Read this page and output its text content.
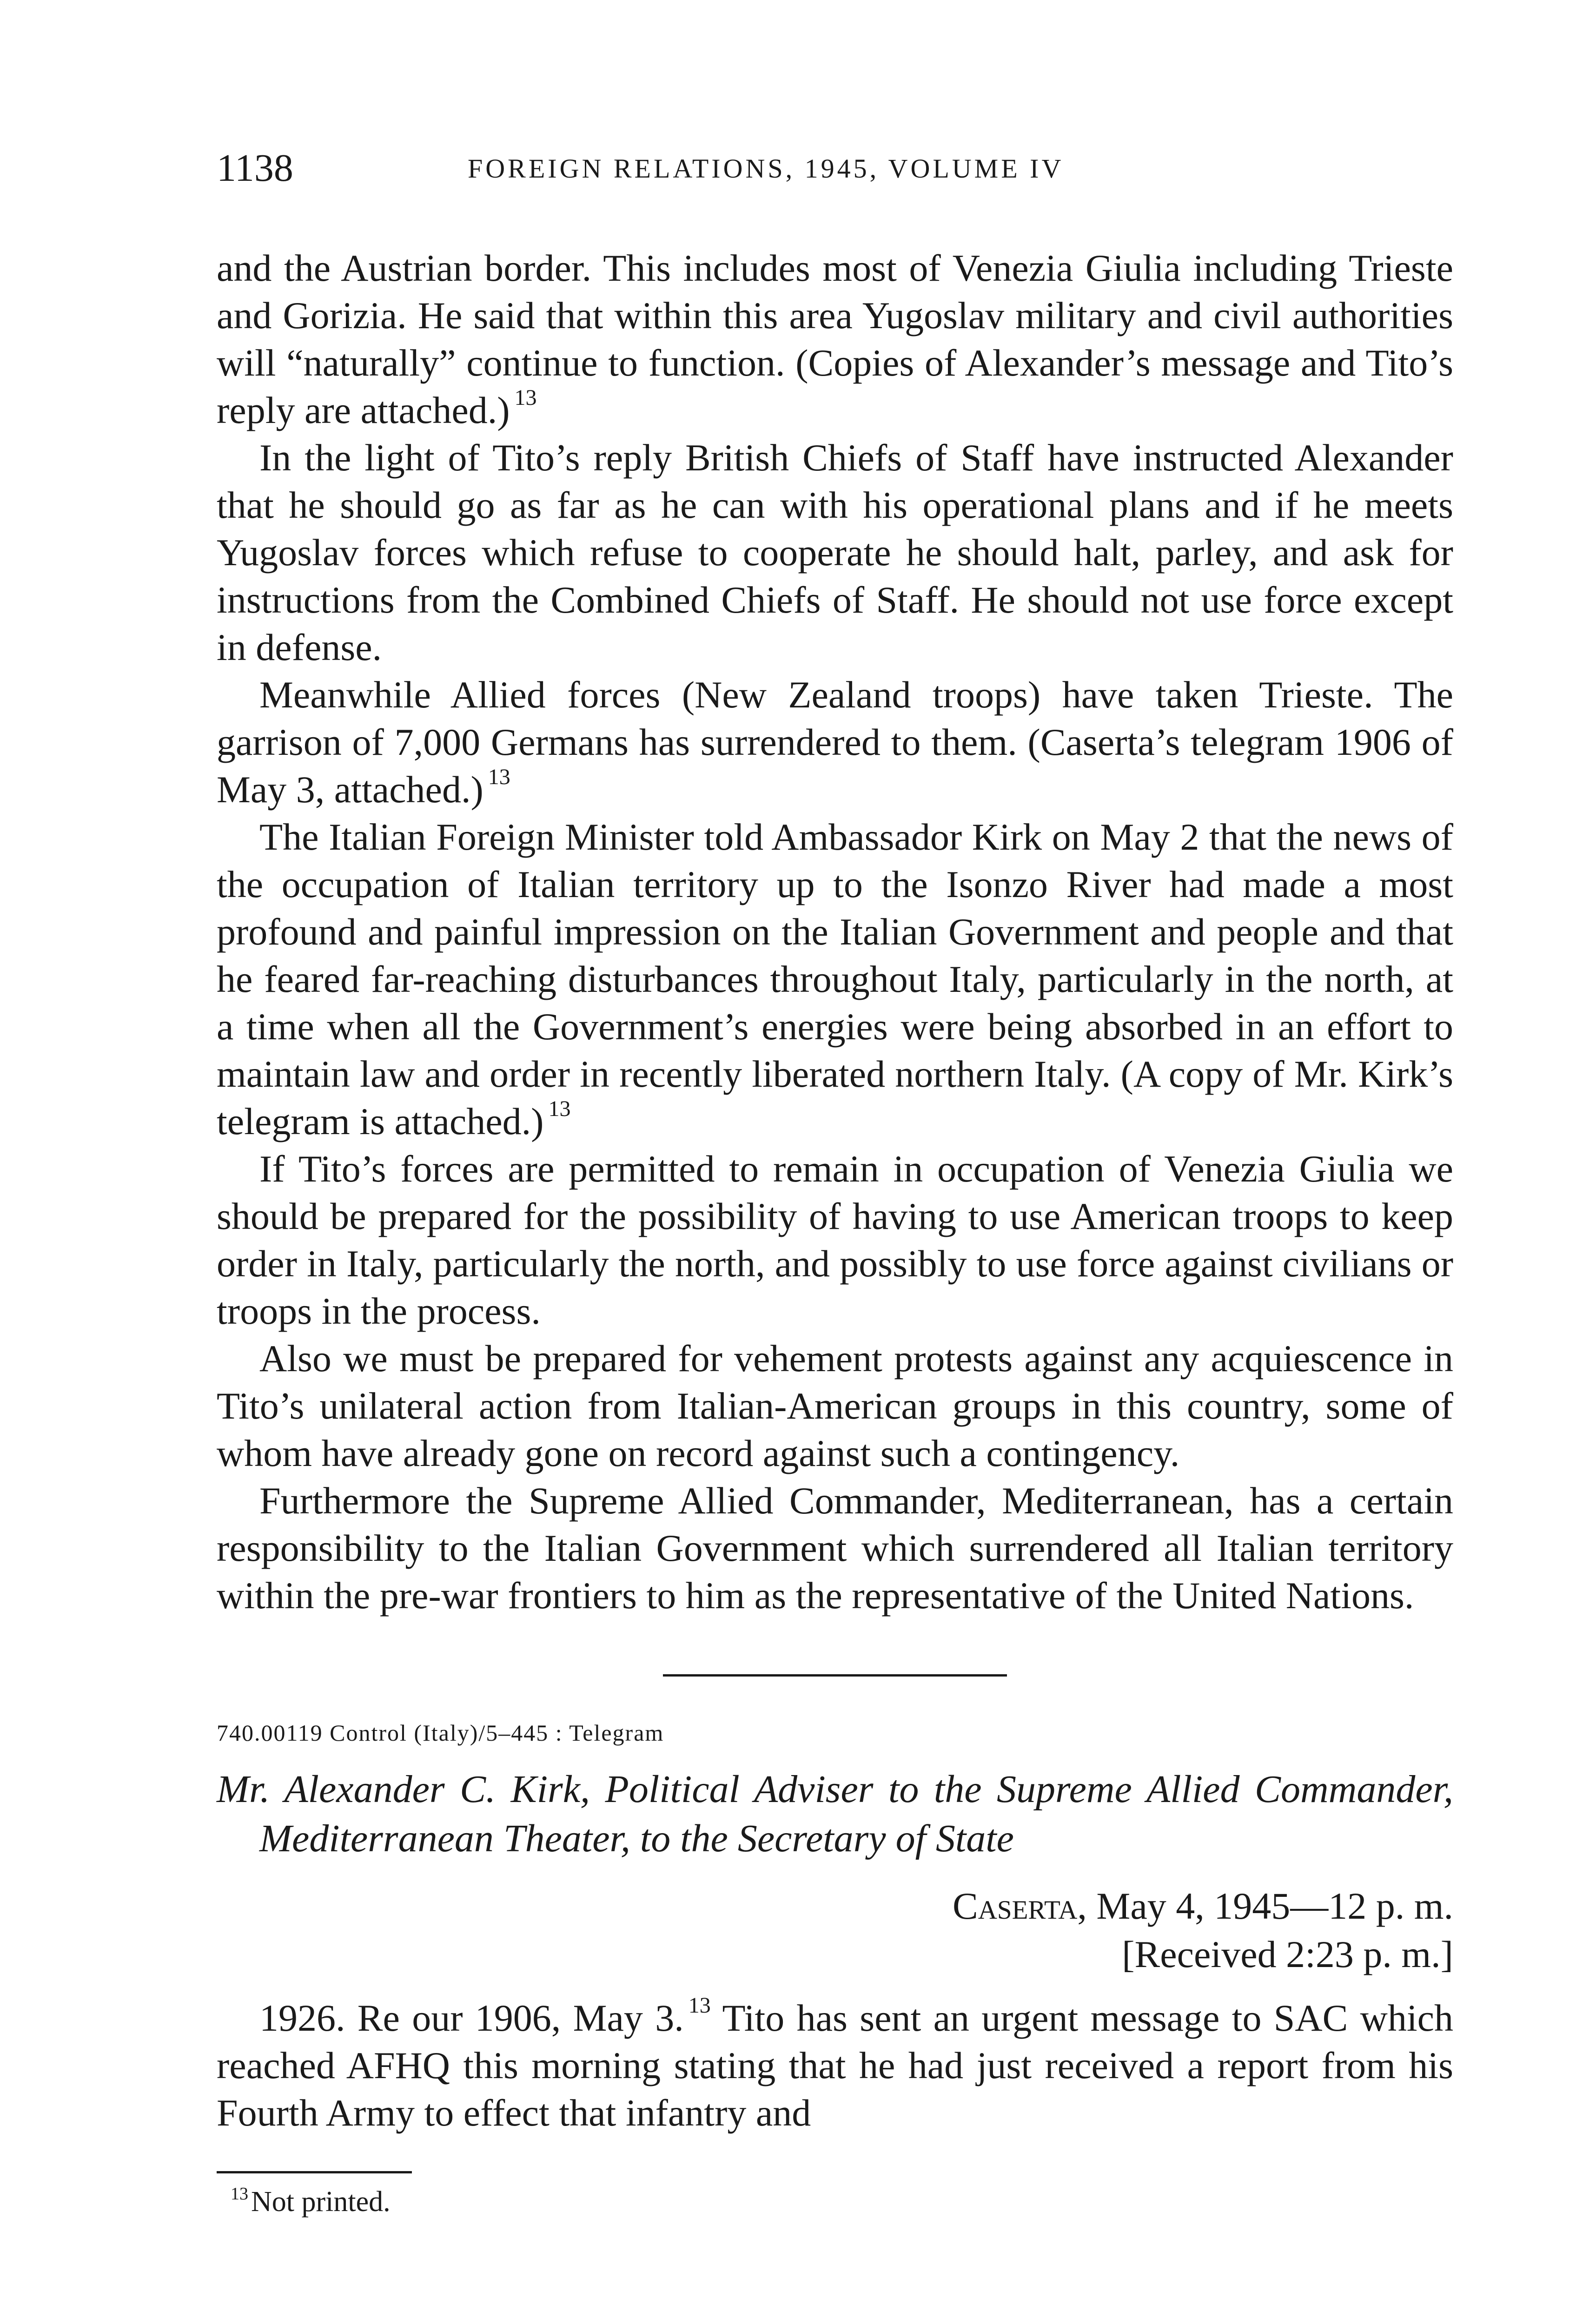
1138	FOREIGN RELATIONS, 1945, VOLUME IV

and the Austrian border. This includes most of Venezia Giulia including Trieste and Gorizia. He said that within this area Yugoslav military and civil authorities will “naturally” continue to function. (Copies of Alexander’s message and Tito’s reply are attached.) $^{13}$

In the light of Tito’s reply British Chiefs of Staff have instructed Alexander that he should go as far as he can with his operational plans and if he meets Yugoslav forces which refuse to cooperate he should halt, parley, and ask for instructions from the Combined Chiefs of Staff. He should not use force except in defense.

Meanwhile Allied forces (New Zealand troops) have taken Trieste. The garrison of 7,000 Germans has surrendered to them. (Caserta’s telegram 1906 of May 3, attached.) $^{13}$

The Italian Foreign Minister told Ambassador Kirk on May 2 that the news of the occupation of Italian territory up to the Isonzo River had made a most profound and painful impression on the Italian Government and people and that he feared far-reaching disturbances throughout Italy, particularly in the north, at a time when all the Government’s energies were being absorbed in an effort to maintain law and order in recently liberated northern Italy. (A copy of Mr. Kirk’s telegram is attached.) $^{13}$

If Tito’s forces are permitted to remain in occupation of Venezia Giulia we should be prepared for the possibility of having to use American troops to keep order in Italy, particularly the north, and possibly to use force against civilians or troops in the process.

Also we must be prepared for vehement protests against any acquiescence in Tito’s unilateral action from Italian-American groups in this country, some of whom have already gone on record against such a contingency.

Furthermore the Supreme Allied Commander, Mediterranean, has a certain responsibility to the Italian Government which surrendered all Italian territory within the pre-war frontiers to him as the representative of the United Nations.

740.00119 Control (Italy)/5–445 : Telegram
Mr. Alexander C. Kirk, Political Adviser to the Supreme Allied Commander, Mediterranean Theater, to the Secretary of State
Caserta, May 4, 1945—12 p. m.
[Received 2:23 p. m.]

1926. Re our 1906, May 3. $^{13}$ Tito has sent an urgent message to SAC which reached AFHQ this morning stating that he had just received a report from his Fourth Army to effect that infantry and

$^{13}$Not printed.
